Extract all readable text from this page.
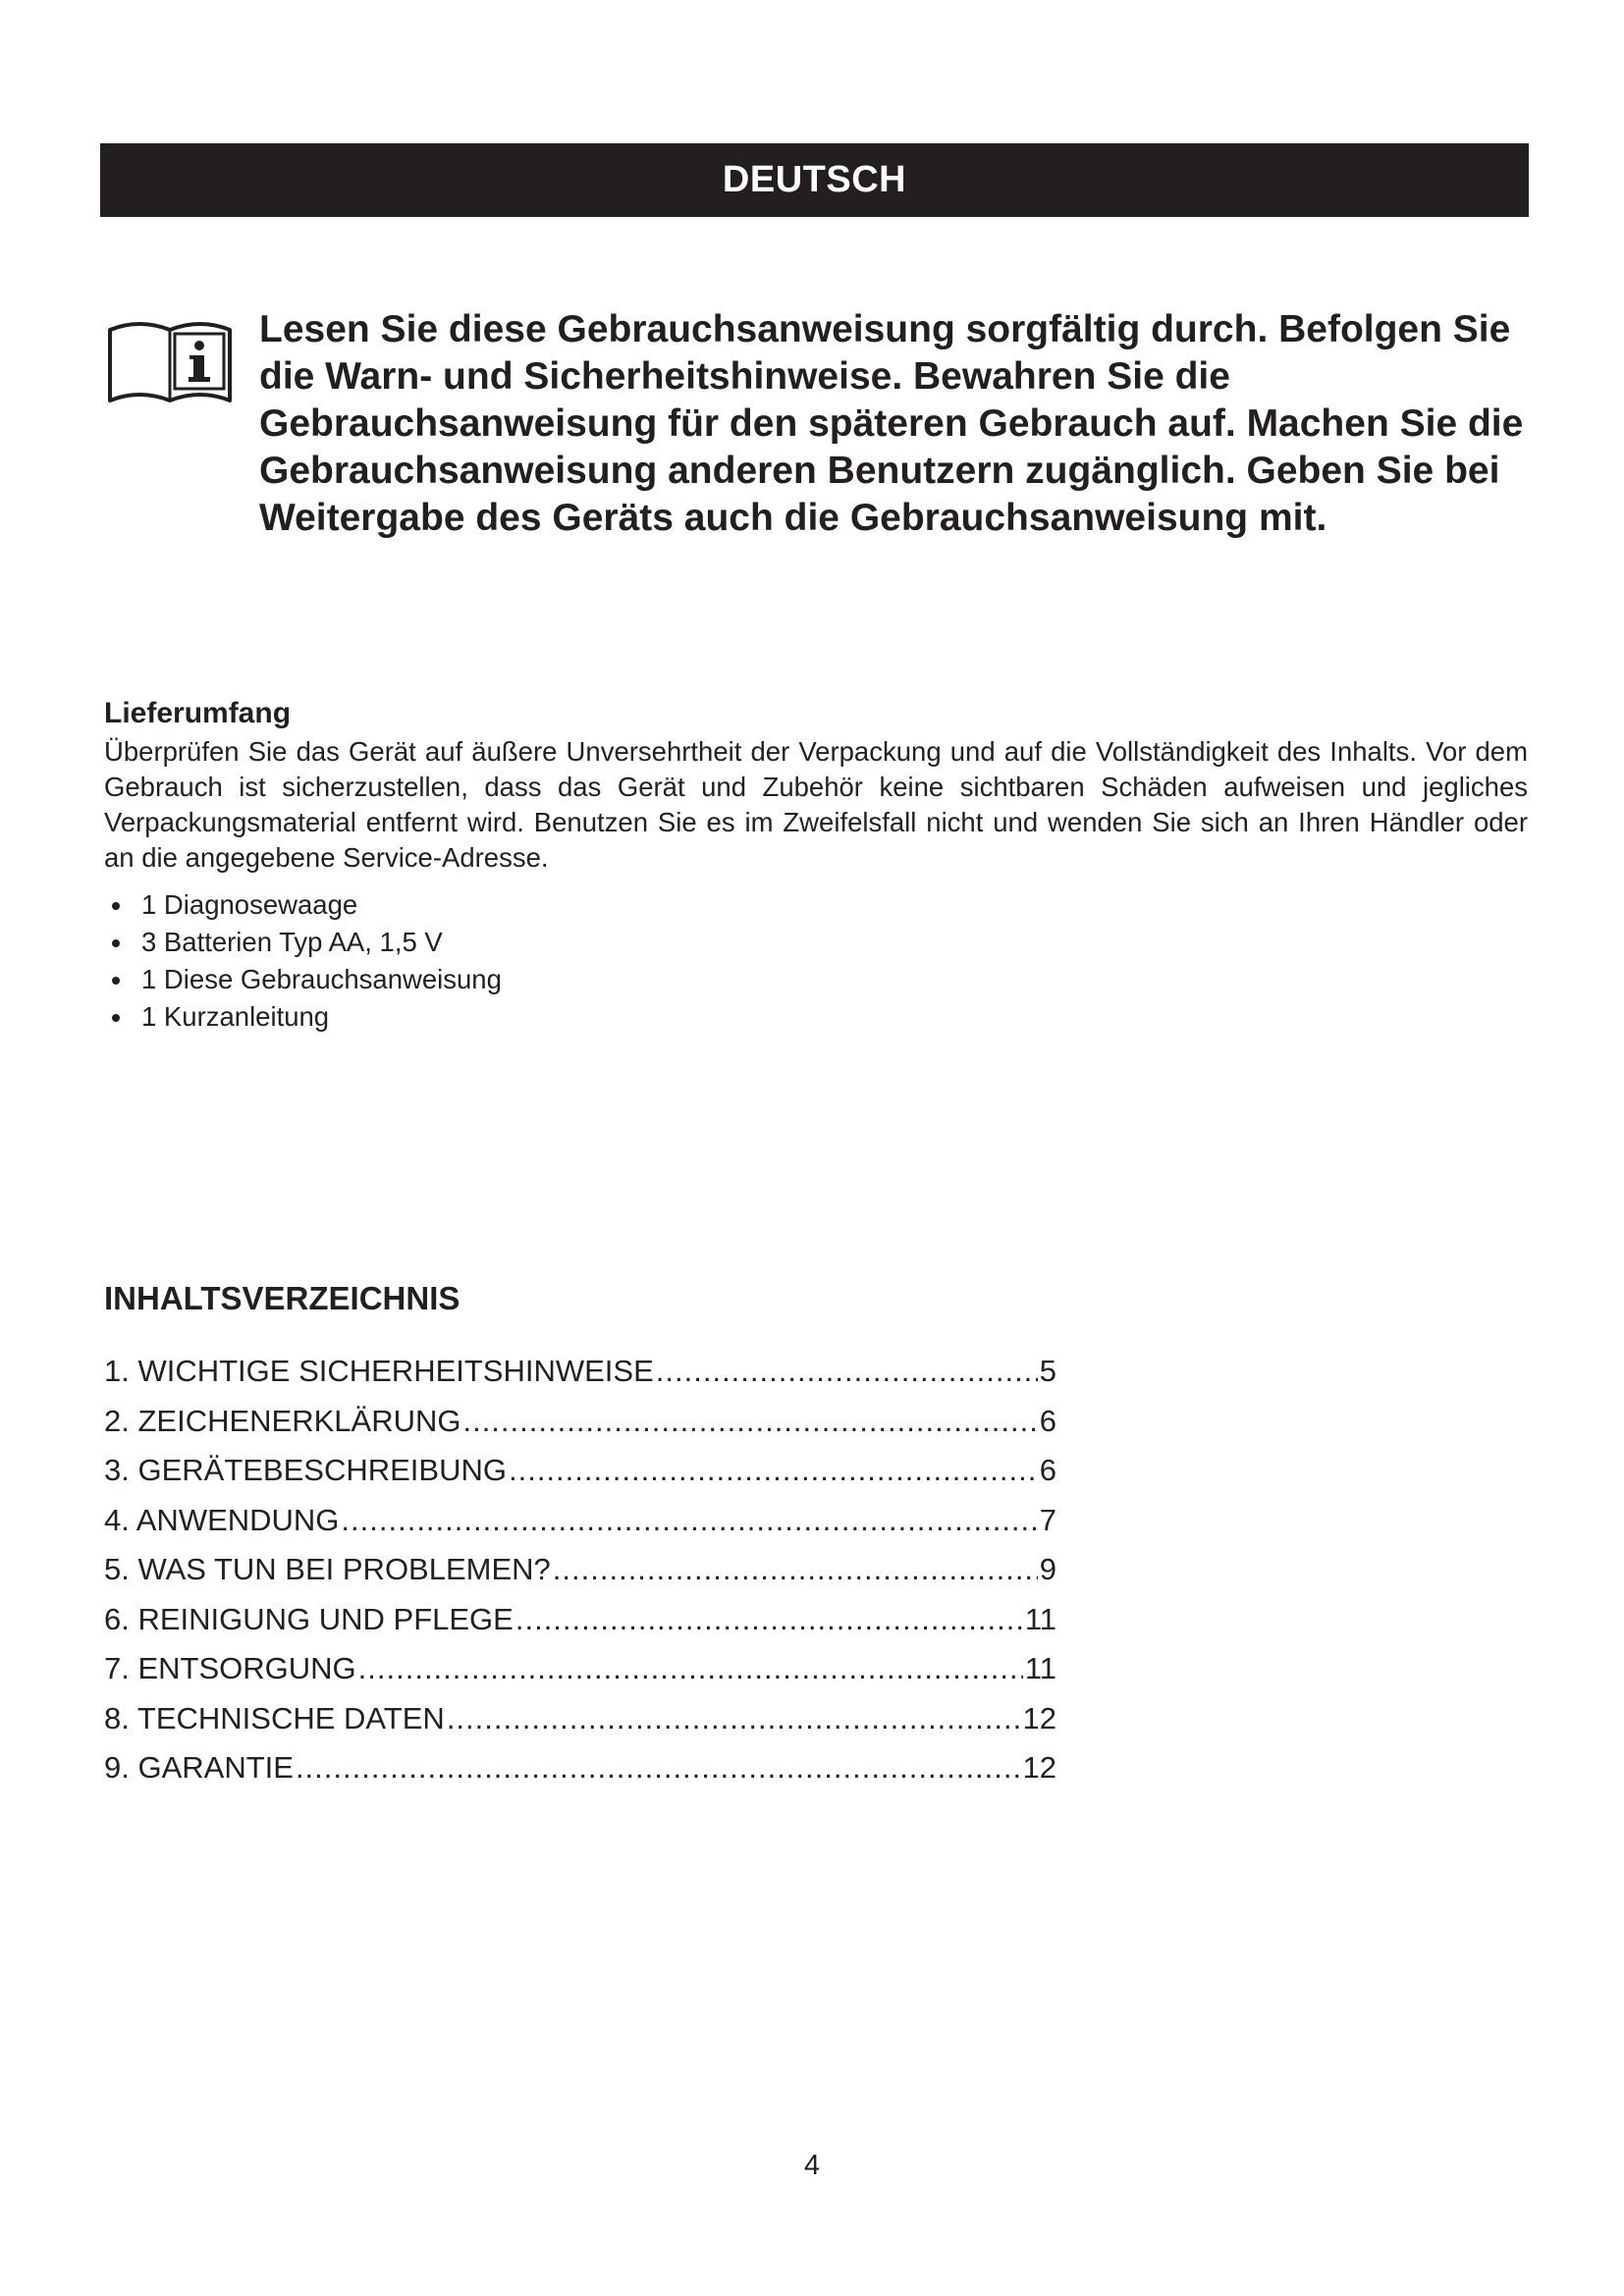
DEUTSCH

Lesen Sie diese Gebrauchsanweisung sorgfältig durch. Befolgen Sie die Warn- und Sicherheitshinweise. Bewahren Sie die Gebrauchsanweisung für den späteren Gebrauch auf. Machen Sie die Gebrauchsanweisung anderen Benutzern zugänglich. Geben Sie bei Weitergabe des Geräts auch die Gebrauchsanweisung mit.

Lieferumfang

Überprüfen Sie das Gerät auf äußere Unversehrtheit der Verpackung und auf die Vollständigkeit des Inhalts. Vor dem Gebrauch ist sicherzustellen, dass das Gerät und Zubehör keine sichtbaren Schäden aufweisen und jegliches Verpackungsmaterial entfernt wird. Benutzen Sie es im Zweifelsfall nicht und wenden Sie sich an Ihren Händler oder an die angegebene Service-Adresse.

1 Diagnosewaage
3 Batterien Typ AA, 1,5 V
1 Diese Gebrauchsanweisung
1 Kurzanleitung
INHALTSVERZEICHNIS
1. WICHTIGE SICHERHEITSHINWEISE .....	5
2. ZEICHENERKLÄRUNG .....	6
3. GERÄTEBESCHREIBUNG .....	6
4. ANWENDUNG .....	7
5. WAS TUN BEI PROBLEMEN? .....	9
6. REINIGUNG UND PFLEGE .....	11
7. ENTSORGUNG .....	11
8. TECHNISCHE DATEN .....	12
9. GARANTIE .....	12
4
